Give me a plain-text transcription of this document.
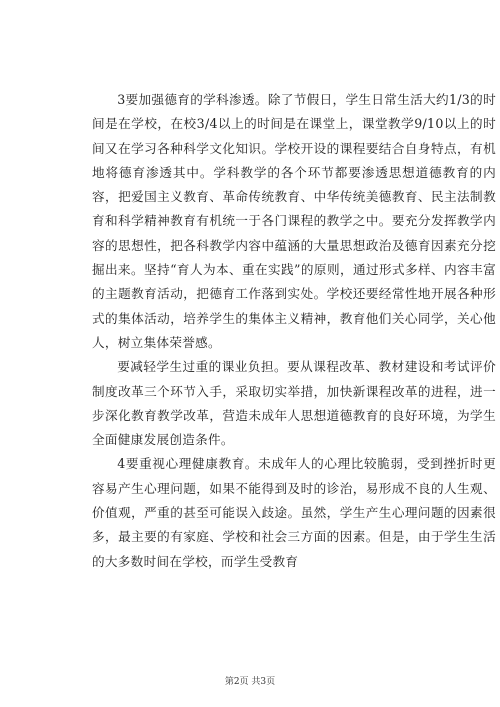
3要加强德育的学科渗透。除了节假日，学生日常生活大约1/3的时间是在学校，在校3/4以上的时间是在课堂上，课堂教学9/10以上的时间又在学习各种科学文化知识。学校开设的课程要结合自身特点，有机地将德育渗透其中。学科教学的各个环节都要渗透思想道德教育的内容，把爱国主义教育、革命传统教育、中华传统美德教育、民主法制教育和科学精神教育有机统一于各门课程的教学之中。要充分发挥教学内容的思想性，把各科教学内容中蕴涵的大量思想政治及德育因素充分挖掘出来。坚持“育人为本、重在实践”的原则，通过形式多样、内容丰富的主题教育活动，把德育工作落到实处。学校还要经常性地开展各种形式的集体活动，培养学生的集体主义精神，教育他们关心同学，关心他人，树立集体荣誉感。

要减轻学生过重的课业负担。要从课程改革、教材建设和考试评价制度改革三个环节入手，采取切实举措，加快新课程改革的进程，进一步深化教育教学改革，营造未成年人思想道德教育的良好环境，为学生全面健康发展创造条件。

4要重视心理健康教育。未成年人的心理比较脆弱，受到挫折时更容易产生心理问题，如果不能得到及时的诊治，易形成不良的人生观、价值观，严重的甚至可能误入歧途。虽然，学生产生心理问题的因素很多，最主要的有家庭、学校和社会三方面的因素。但是，由于学生生活的大多数时间在学校，而学生受教育

第2页 共3页
